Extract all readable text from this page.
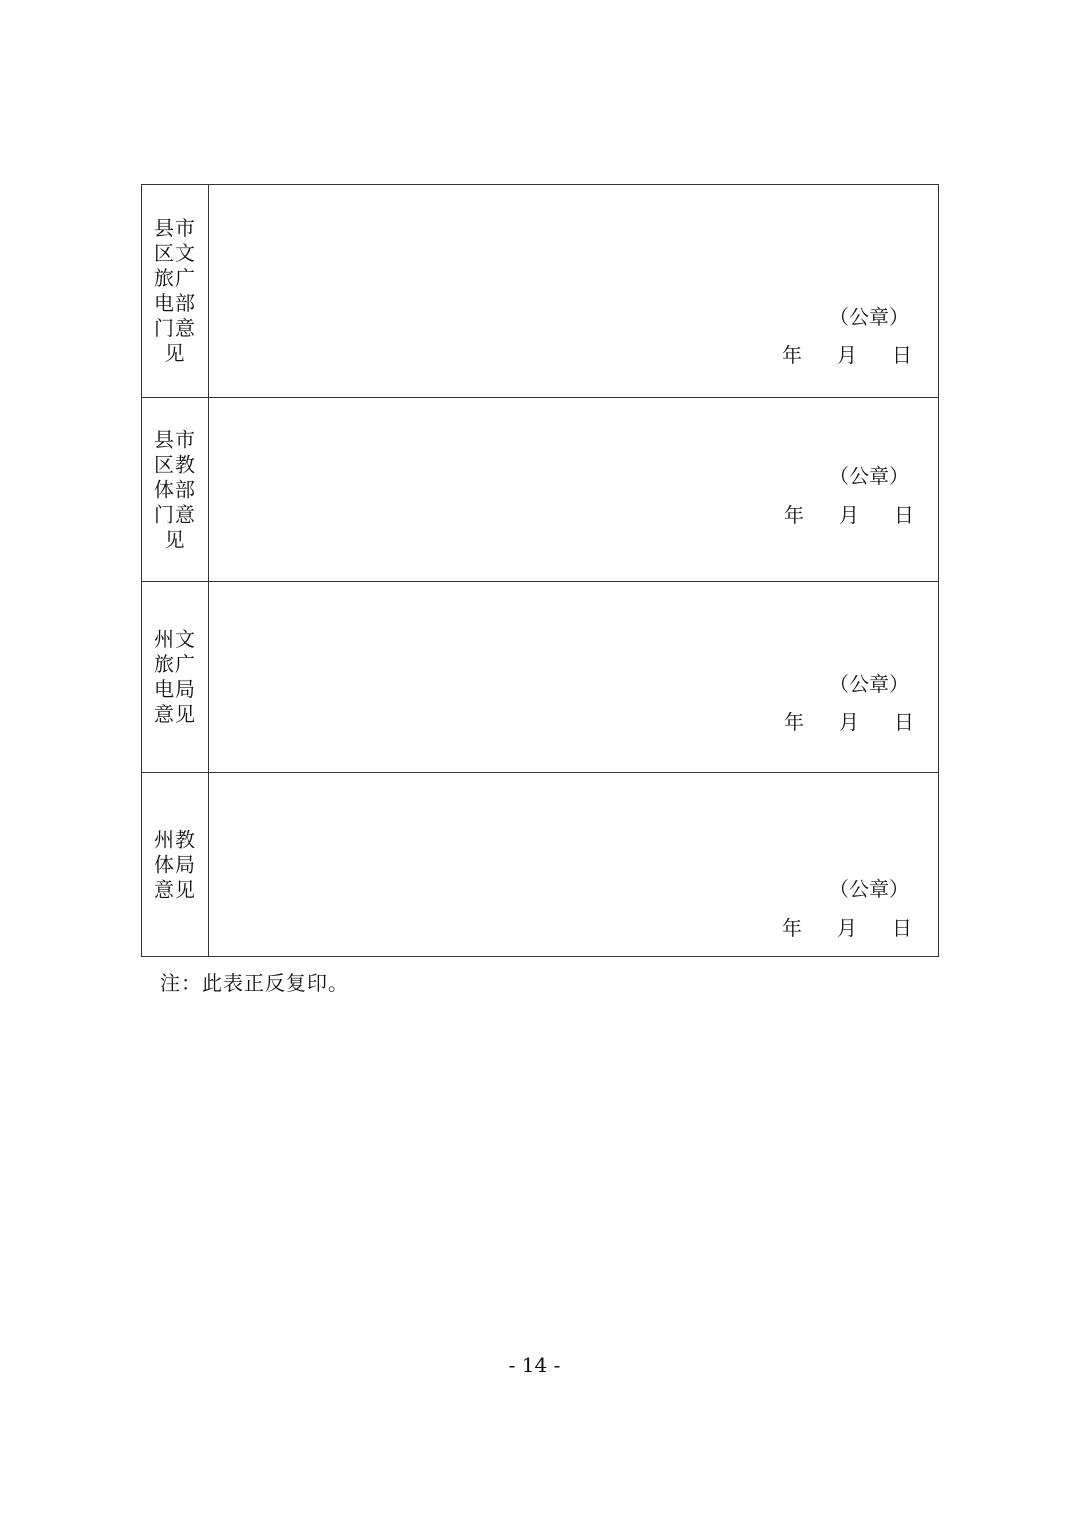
县市区文旅广电部门意见	（公章）
年 月 日

县市区教体部门意见	（公章）
年 月 日

州文旅广电局意见	（公章）
年 月 日

州教体局意见	（公章）
年 月 日
注：此表正反复印。
- 14 -
